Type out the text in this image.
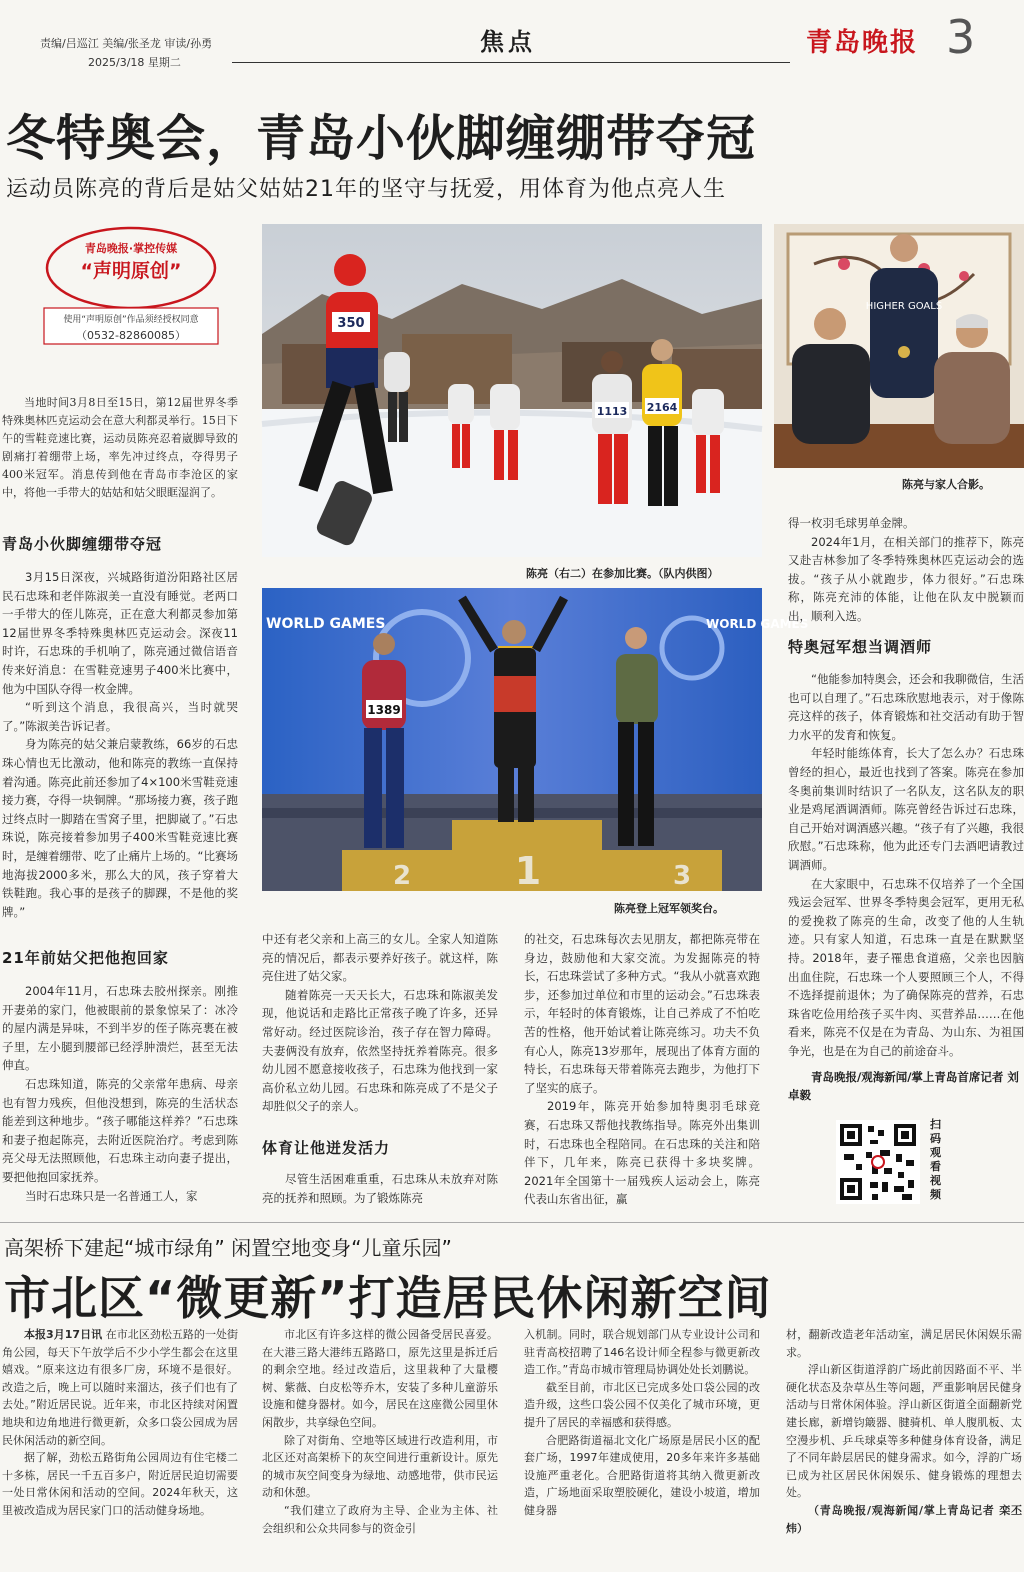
责编/吕巡江 美编/张圣龙 审读/孙勇
2025/3/18 星期二
焦点	青岛晚报 3
冬特奥会，青岛小伙脚缠绷带夺冠
运动员陈亮的背后是姑父姑姑21年的坚守与抚爱，用体育为他点亮人生
青岛晚报·掌控传媒
“声明原创”
使用“声明原创”作品须经授权同意
（0532-82860085）

当地时间3月8日至15日，第12届世界冬季特殊奥林匹克运动会在意大利都灵举行。15日下午的雪鞋竞速比赛，运动员陈亮忍着崴脚导致的剧痛打着绷带上场，率先冲过终点，夺得男子400米冠军。消息传到他在青岛市李沧区的家中，将他一手带大的姑姑和姑父眼眶湿润了。

青岛小伙脚缠绷带夺冠

3月15日深夜，兴城路街道汾阳路社区居民石忠珠和老伴陈淑美一直没有睡觉。老两口一手带大的侄儿陈亮，正在意大利都灵参加第12届世界冬季特殊奥林匹克运动会。深夜11时许，石忠珠的手机响了，陈亮通过微信语音传来好消息：在雪鞋竞速男子400米比赛中，他为中国队夺得一枚金牌。

“听到这个消息，我很高兴，当时就哭了。”陈淑美告诉记者。

身为陈亮的姑父兼启蒙教练，66岁的石忠珠心情也无比激动，他和陈亮的教练一直保持着沟通。陈亮此前还参加了4×100米雪鞋竞速接力赛，夺得一块铜牌。“那场接力赛，孩子跑过终点时一脚踏在雪窝子里，把脚崴了。”石忠珠说，陈亮接着参加男子400米雪鞋竞速比赛时，是缠着绷带、吃了止痛片上场的。“比赛场地海拔2000多米，那么大的风，孩子穿着大铁鞋跑。我心事的是孩子的脚踝，不是他的奖牌。”

21年前姑父把他抱回家

2004年11月，石忠珠去胶州探亲。刚推开妻弟的家门，他被眼前的景象惊呆了：冰冷的屋内满是异味，不到半岁的侄子陈亮裹在被子里，左小腿到腰部已经浮肿溃烂，甚至无法伸直。

石忠珠知道，陈亮的父亲常年患病、母亲也有智力残疾，但他没想到，陈亮的生活状态能差到这种地步。“孩子哪能这样养？”石忠珠和妻子抱起陈亮，去附近医院治疗。考虑到陈亮父母无法照顾他，石忠珠主动向妻子提出，要把他抱回家抚养。

当时石忠珠只是一名普通工人，家

350
1113 2164
陈亮（右二）在参加比赛。（队内供图）
HIGHER GOALS
陈亮与家人合影。
WORLD GAMES	WORLD GAMES
2	1	3
1389
陈亮登上冠军领奖台。

中还有老父亲和上高三的女儿。全家人知道陈亮的情况后，都表示要养好孩子。就这样，陈亮住进了姑父家。

随着陈亮一天天长大，石忠珠和陈淑美发现，他说话和走路比正常孩子晚了许多，还异常好动。经过医院诊治，孩子存在智力障碍。夫妻俩没有放弃，依然坚持抚养着陈亮。很多幼儿园不愿意接收孩子，石忠珠为他找到一家高价私立幼儿园。石忠珠和陈亮成了不是父子却胜似父子的亲人。

体育让他迸发活力

尽管生活困难重重，石忠珠从未放弃对陈亮的抚养和照顾。为了锻炼陈亮

的社交，石忠珠每次去见朋友，都把陈亮带在身边，鼓励他和大家交流。为发掘陈亮的特长，石忠珠尝试了多种方式。“我从小就喜欢跑步，还参加过单位和市里的运动会。”石忠珠表示，年轻时的体育锻炼，让自己养成了不怕吃苦的性格，他开始试着让陈亮练习。功夫不负有心人，陈亮13岁那年，展现出了体育方面的特长，石忠珠每天带着陈亮去跑步，为他打下了坚实的底子。

2019年，陈亮开始参加特奥羽毛球竞赛，石忠珠又帮他找教练指导。陈亮外出集训时，石忠珠也全程陪同。在石忠珠的关注和陪伴下，几年来，陈亮已获得十多块奖牌。2021年全国第十一届残疾人运动会上，陈亮代表山东省出征，赢

得一枚羽毛球男单金牌。

2024年1月，在相关部门的推荐下，陈亮又赴吉林参加了冬季特殊奥林匹克运动会的选拔。“孩子从小就跑步，体力很好。”石忠珠称，陈亮充沛的体能，让他在队友中脱颖而出，顺利入选。

特奥冠军想当调酒师

“他能参加特奥会，还会和我聊微信，生活也可以自理了。”石忠珠欣慰地表示，对于像陈亮这样的孩子，体育锻炼和社交活动有助于智力水平的发育和恢复。

年轻时能练体育，长大了怎么办？石忠珠曾经的担心，最近也找到了答案。陈亮在参加冬奥前集训时结识了一名队友，这名队友的职业是鸡尾酒调酒师。陈亮曾经告诉过石忠珠，自己开始对调酒感兴趣。“孩子有了兴趣，我很欣慰。”石忠珠称，他为此还专门去酒吧请教过调酒师。

在大家眼中，石忠珠不仅培养了一个全国残运会冠军、世界冬季特奥会冠军，更用无私的爱挽救了陈亮的生命，改变了他的人生轨迹。只有家人知道，石忠珠一直是在默默坚持。2018年，妻子罹患食道癌，父亲也因脑出血住院，石忠珠一个人要照顾三个人，不得不选择提前退休；为了确保陈亮的营养，石忠珠省吃俭用给孩子买牛肉、买营养品……在他看来，陈亮不仅是在为青岛、为山东、为祖国争光，也是在为自己的前途奋斗。

青岛晚报/观海新闻/掌上青岛首席记者 刘卓毅
扫码观看视频
高架桥下建起“城市绿角” 闲置空地变身“儿童乐园”
市北区“微更新”打造居民休闲新空间

本报3月17日讯 在市北区劲松五路的一处街角公园，每天下午放学后不少小学生都会在这里嬉戏。“原来这边有很多厂房，环境不是很好。改造之后，晚上可以随时来溜达，孩子们也有了去处。”附近居民说。近年来，市北区持续对闲置地块和边角地进行微更新，众多口袋公园成为居民休闲活动的新空间。

据了解，劲松五路街角公园周边有住宅楼二十多栋，居民一千五百多户，附近居民迫切需要一处日常休闲和活动的空间。2024年秋天，这里被改造成为居民家门口的活动健身场地。

市北区有许多这样的微公园备受居民喜爱。在大港三路大港纬五路路口，原先这里是拆迁后的剩余空地。经过改造后，这里栽种了大量樱树、紫薇、白皮松等乔木，安装了多种儿童游乐设施和健身器材。如今，居民在这座微公园里休闲散步，共享绿色空间。

除了对街角、空地等区域进行改造利用，市北区还对高架桥下的灰空间进行重新设计。原先的城市灰空间变身为绿地、动感地带，供市民运动和休憩。

“我们建立了政府为主导、企业为主体、社会组织和公众共同参与的资金引

入机制。同时，联合规划部门从专业设计公司和驻青高校招聘了146名设计师全程参与微更新改造工作。”青岛市城市管理局协调处处长刘鹏说。

截至目前，市北区已完成多处口袋公园的改造升级，这些口袋公园不仅美化了城市环境，更提升了居民的幸福感和获得感。

合肥路街道福北文化广场原是居民小区的配套广场，1997年建成使用，20多年来许多基础设施严重老化。合肥路街道将其纳入微更新改造，广场地面采取塑胶硬化，建设小坡道，增加健身器

材，翻新改造老年活动室，满足居民休闲娱乐需求。

浮山新区街道浮韵广场此前因路面不平、半硬化状态及杂草丛生等问题，严重影响居民健身活动与日常休闲体验。浮山新区街道全面翻新党建长廊，新增钧簸器、腱骑机、单人腹肌板、太空漫步机、乒乓球桌等多种健身体育设备，满足了不同年龄层居民的健身需求。如今，浮韵广场已成为社区居民休闲娱乐、健身锻炼的理想去处。

（青岛晚报/观海新闻/掌上青岛记者 栾丕炜）
